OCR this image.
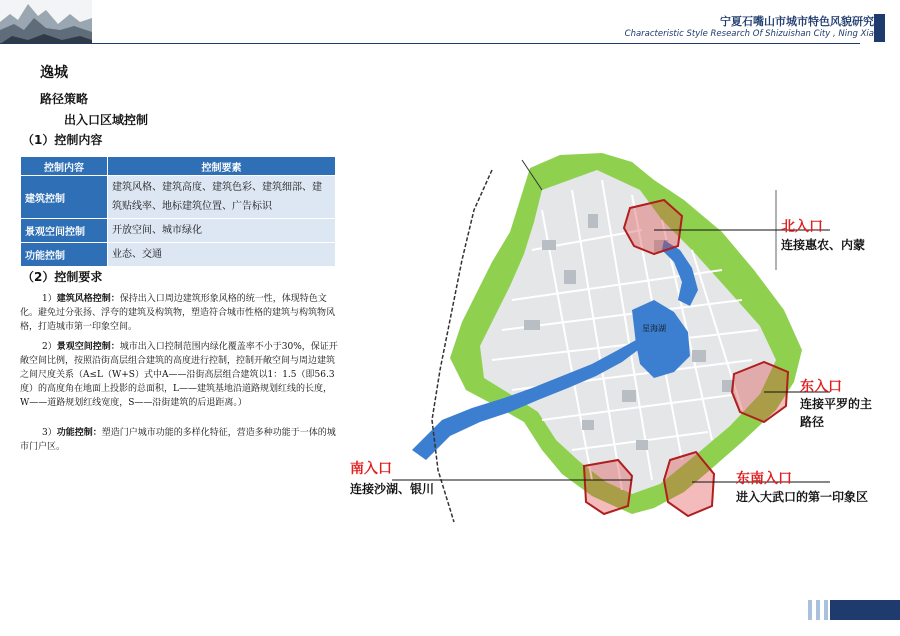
宁夏石嘴山市城市特色风貌研究
Characteristic Style Research Of Shizuishan City , Ning Xia
逸城
路径策略
出入口区域控制
（1）控制内容
控制内容	控制要素
建筑控制	建筑风格、建筑高度、建筑色彩、建筑细部、建筑贴线率、地标建筑位置、广告标识
景观空间控制	开放空间、城市绿化
功能控制	业态、交通
（2）控制要求
1）建筑风格控制：保持出入口周边建筑形象风格的统一性，体现特色文化。避免过分张扬、浮夸的建筑及构筑物，塑造符合城市性格的建筑与构筑物风格，打造城市第一印象空间。
2）景观空间控制：城市出入口控制范围内绿化覆盖率不小于30%，保证开敞空间比例，按照沿街高层组合建筑的高度进行控制，控制开敞空间与周边建筑之间尺度关系（A≤L（W+S）式中A——沿街高层组合建筑以1：1.5（即56.3度）的高度角在地面上投影的总面积，L——建筑基地沿道路规划红线的长度，W——道路规划红线宽度，S——沿街建筑的后退距离。）
3）功能控制：塑造门户城市功能的多样化特征，营造多种功能于一体的城市门户区。
星海湖
北入口
连接惠农、内蒙
东入口
连接平罗的主
路径
南入口
连接沙湖、银川
东南入口
进入大武口的第一印象区
